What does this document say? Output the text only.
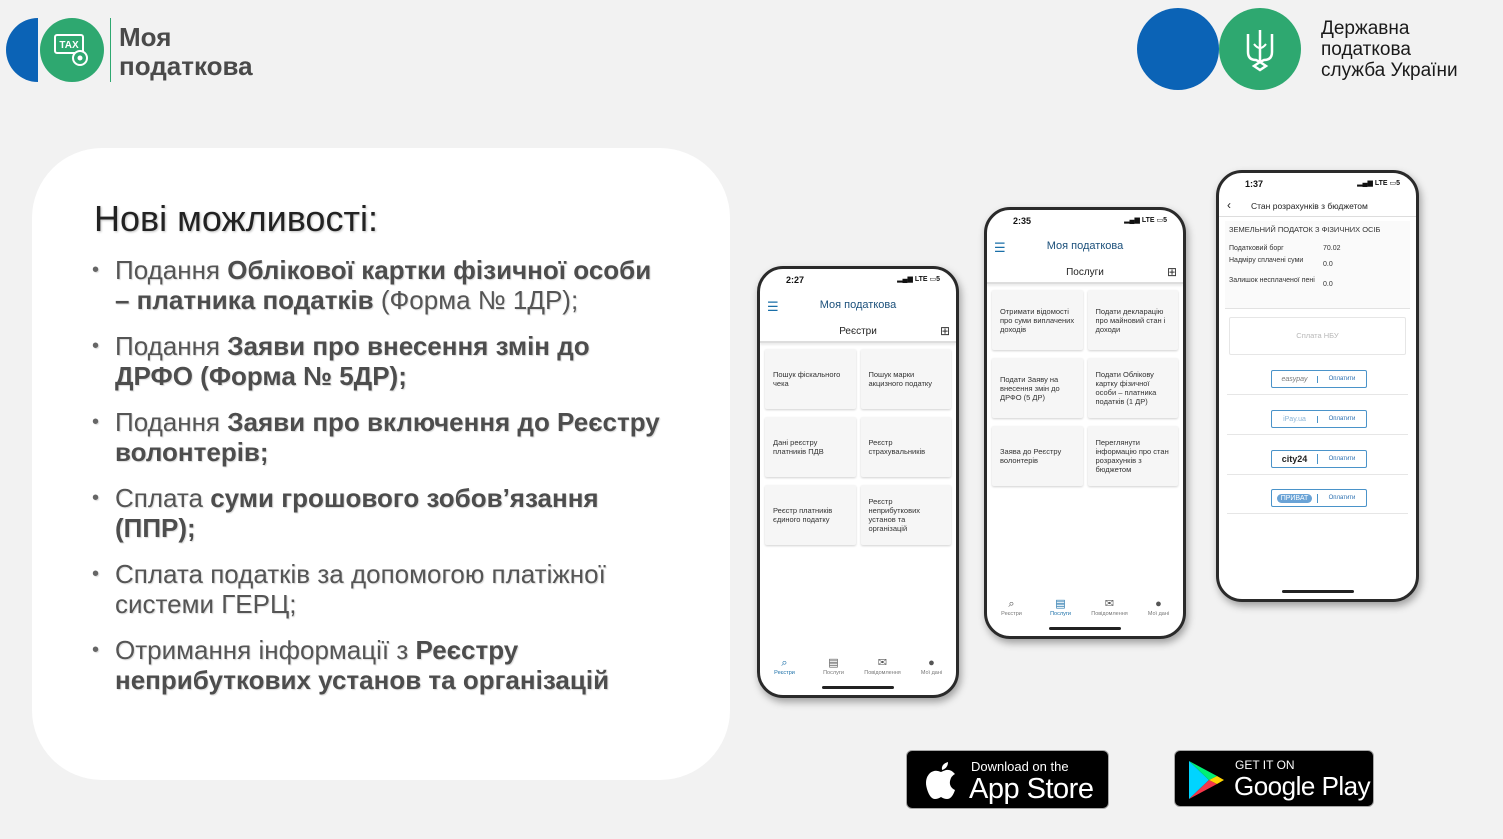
TAX Моя
податкова
Державна
податкова
служба України
Нові можливості:
• Подання Облікової картки фізичної особи – платника податків (Форма № 1ДР);
• Подання Заяви про внесення змін до ДРФО (Форма № 5ДР);
• Подання Заяви про включення до Реєстру волонтерів;
• Сплата суми грошового зобов’язання (ППР);
• Сплата податків за допомогою платіжної системи ГЕРЦ;
• Отримання інформації з Реєстру неприбуткових установ та організацій
2:27	▂▄▆ LTE ▭5
☰	Моя податкова
Реєстри	⊞
Пошук фіскального чека
Пошук марки акцизного податку
Дані реєстру платників ПДВ
Реєстр страхувальників
Реєстр платників єдиного податку
Реєстр неприбуткових установ та організацій
⌕
Реєстри
▤
Послуги
✉
Повідомлення
●
Мої дані
2:35	▂▄▆ LTE ▭5
☰	Моя податкова
Послуги	⊞
Отримати відомості про суми виплачених доходів
Подати декларацію про майновий стан і доходи
Подати Заяву на внесення змін до ДРФО (5 ДР)
Подати Облікову картку фізичної особи – платника податків (1 ДР)
Заява до Реєстру волонтерів
Переглянути інформацію про стан розрахунків з бюджетом
⌕
Реєстри
▤
Послуги
✉
Повідомлення
●
Мої дані
1:37	▂▄▆ LTE ▭5
‹ Стан розрахунків з бюджетом
ЗЕМЕЛЬНИЙ ПОДАТОК З ФІЗИЧНИХ ОСІБ
Податковий борг	70.02
Надміру сплачені суми
0.0
Залишок несплаченої пені
0.0
Сплата НБУ
easypay	Оплатити
iPay.ua	Оплатити
city24	Оплатити
ПРИВАТ	Оплатити
Download on the
App Store
GET IT ON
Google Play
